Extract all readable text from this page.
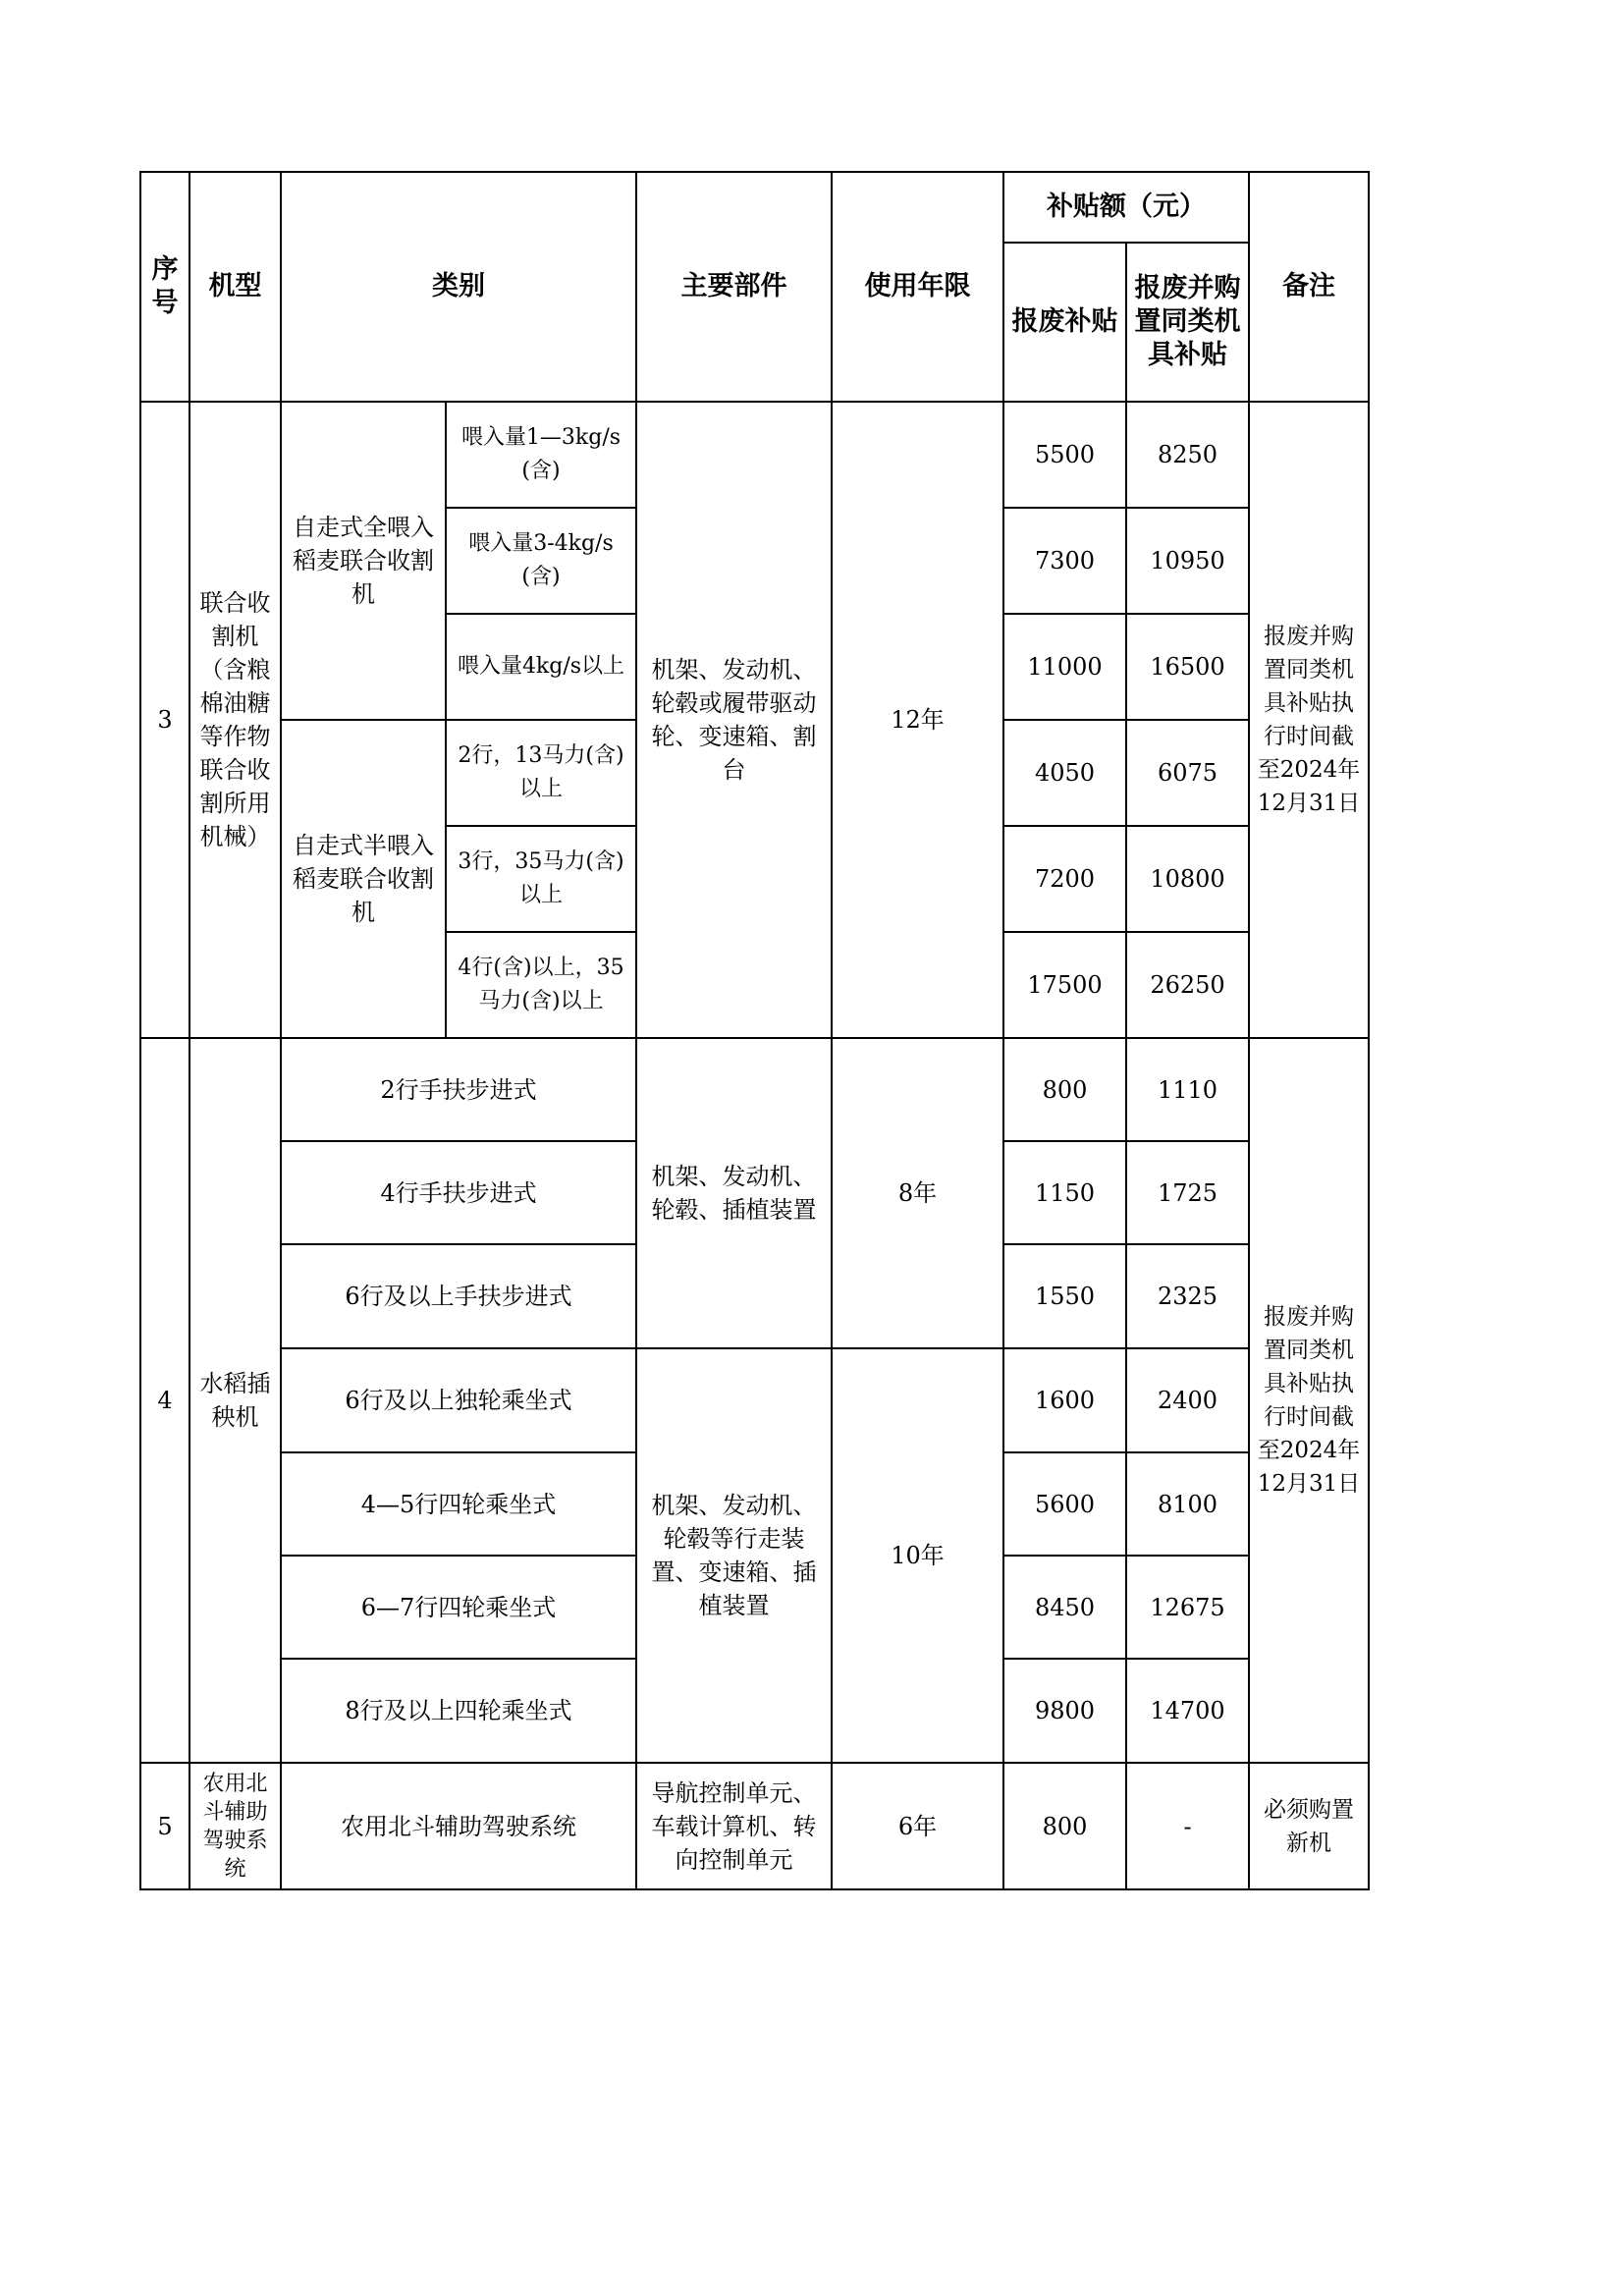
序号	机型	类别		主要部件	使用年限	补贴额（元）		备注
						报废补贴	报废并购置同类机具补贴	
3	联合收割机（含粮棉油糖等作物联合收割所用机械）	自走式全喂入稻麦联合收割机	喂入量1—3kg/s(含)	机架、发动机、轮毂或履带驱动轮、变速箱、割台	12年	5500	8250	报废并购置同类机具补贴执行时间截至2024年12月31日
			喂入量3-4kg/s(含)			7300	10950	
			喂入量4kg/s以上			11000	16500	
		自走式半喂入稻麦联合收割机	2行，13马力(含)以上			4050	6075	
			3行，35马力(含)以上			7200	10800	
			4行(含)以上，35马力(含)以上			17500	26250	
4	水稻插秧机	2行手扶步进式		机架、发动机、轮毂、插植装置	8年	800	1110	报废并购置同类机具补贴执行时间截至2024年12月31日
		4行手扶步进式				1150	1725	
		6行及以上手扶步进式				1550	2325	
		6行及以上独轮乘坐式		机架、发动机、轮毂等行走装置、变速箱、插植装置	10年	1600	2400	
		4—5行四轮乘坐式				5600	8100	
		6—7行四轮乘坐式				8450	12675	
		8行及以上四轮乘坐式				9800	14700	
5	农用北斗辅助驾驶系统	农用北斗辅助驾驶系统		导航控制单元、车载计算机、转向控制单元	6年	800	-	必须购置新机
